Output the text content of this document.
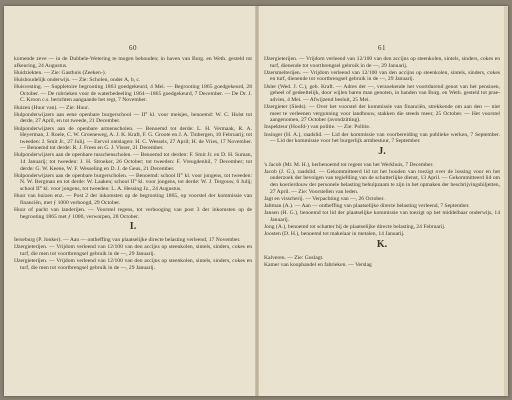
60

komende zeve — in de Dubbele-Wetering te mogen behouden; in haven van Burg. en Weth. gesteld tot afkeuring, 24 Augustus.

Huidziekten. — Zie: Gasthuis (Zeeken-).

Huishoudelijk onderwijs. — Zie: Scholen, onder A, b, c.

Huisvesting. — Suppletoire begrooting 1863 goedgekeurd, 4 Mei. — Begrooting 1865 goedgekeurd, 28 October. — De rubrieken voor de waterbedeeling 1864—1865 goedgekeurd, 7 December. — De Dr. J. C. Kroon c.s. berichten aangaande het regt, 7 November.

Huizen (Huur van). — Zie: Huur.

Hulponderwijzers aan eene openbare burgerschool — II° kl. voor meisjes, benoemd: W. C. Holst tot derde, 27 April, en tot tweede, 21 December.

Hulponderwijzers aan de openbare armenscholen. — Benoemd tot derde: L. H. Vermaak, R. A. Heyerman, J. Roele, C. W. Groeneweg, A. J. K. Kraft, F. G. Groote en J. A. Tinbergen, 10 Februarij; tot tweeden: J. Smit Jr., 27 Julij. — Eervol ontslagen: H. C. Wessels, 27 April; H. de Vries, 17 November. — Benoemd tot derde: R. J. Frees en G. J. Visser, 21 December.

Hulponderwijzers aan de openbare tusschenscholen. — Benoemd tot derden: F. Smit Jr. en D. H. Suman, 14 Januarij; tot tweeden: J. H. Stroeker, 26 October; tot tweeden: F. Vreugdenhil, 7 December; tot derde: G. W. Keene, W. F. Wesseling en D. J. de Geus, 21 December.

Hulponderwijzers aan de openbare burgerscholen. — Benoemd: school II° kl. voor jongens, tot tweeden: N. W. Bergman en tot derde: W. Laaken; school II° kl. voor jongens, tot derde: W. J. Tergouw, 6 Julij; school II° kl. voor jongens, tot tweeden: L. A. Hessing Jz., 24 Augustus.

Huur van huizen enz. — Post 2 der inkomsten op de begrooting 1865, op voorstel der kommissie van financiën, met ƒ 1000 verhoogd, 29 October.

Huur of pacht van landerijen. — Voorstel regens, tot verhooging van post 3 der inkomsten op de begrooting 1865 met ƒ 1000, verworpen, 28 October.

I.

Ierseburg (P. Jonker). — Aan — ontheffing van plaatselijke directe belasting verleend, 17 November.

IJzergieterijen. — Vrijdom verleend van 12/100 van den accijns op steenkolen, sintels, sinders, cokes en turf, die men tot voortbrengsel gebruik in de —, 29 Januarij.

IJzergieterijen. — Vrijdom verleend van 12/100 van den accijns op steenkolen, sintels, sinders, cokes en turf, die men tot voortbrengsel gebruik in de —, 29 Januarij.

61

IJzergieterijen. — Vrijdom verleend van 12/100 van den accijns op steenkolen, sintels, sinders, cokes en turf, dienende tot voortbrengsel gebruik in de —, 29 Januarij.

IJzersmelterijen. — Vrijdom verleend van 12/100 van den accijns op steenkolen, sintels, sinders, cokes en turf, dienende tot voortbrengsel gebruik in de —, 29 Januarij.

IJsler (Wed. J. C.), geb. Kraft. — Adres der —, verzoekende het voortdurend genot van het pensioen, geheel of gedeeltelijk, door wijlen haren man genoten, in handen van Burg. en Weth. gesteld tot prae-advies, 4 Mei. — Afwijzend besluit, 25 Mei.

IJzergieter (Sieds). — Over het voorstel der kommissie van financiën, strekkende om aan den — niet meer te verleenen vergunning voor landbouw, stakken die steeds meer, 25 October. — Het voorstel aangenomen, 27 October (avondzitting).

Inspekteur (Hoofd-) van politie. — Zie: Politie.

Insinger (H. A.), raadslid. — Lid der kommissie van voorbereiding van publieke werken, 7 September. — Lid der kommissie voor het burgerlijk armbestuur, 7 September.

J.

's Jacob (Mr. M. H.), herbenoemd tot regent van het Werkhuis, 7 December.

Jacob (J. G.), raadslid. — Gekommitteerd lid tot het houden van toezigt over de lossing voor en het onderzoek der bevolgen van tegiefding van de schutterlijke dienst, 13 April. — Gekommitteerd lid om den koerierdouw der personele belasting behulpzaam te zijn in het opmaken der beschrijvingsbiljetten, 27 April. — Zie: Voorstellen van leden.

Jagt en visscherij. — Verpachting van —, 26 October.

Jaltman (A.). — Aan — ontheffing van plaatselijke directe belasting verleend, 7 September.

Jansen (H. G.), benoemd tot lid der plaatselijke kommissie van toezigt op het middelbaar onderwijs, 14 Januarij.

Jong (A.), benoemd tot schatter bij de plaatselijke directe belasting, 24 Februarij.

Joosten (D. H.), benoemd tot makelaar in metalen, 14 Januarij.

K.

Kalveren. — Zie: Goslagt.

Kamer van koophandel en fabrieken. — Verslag
